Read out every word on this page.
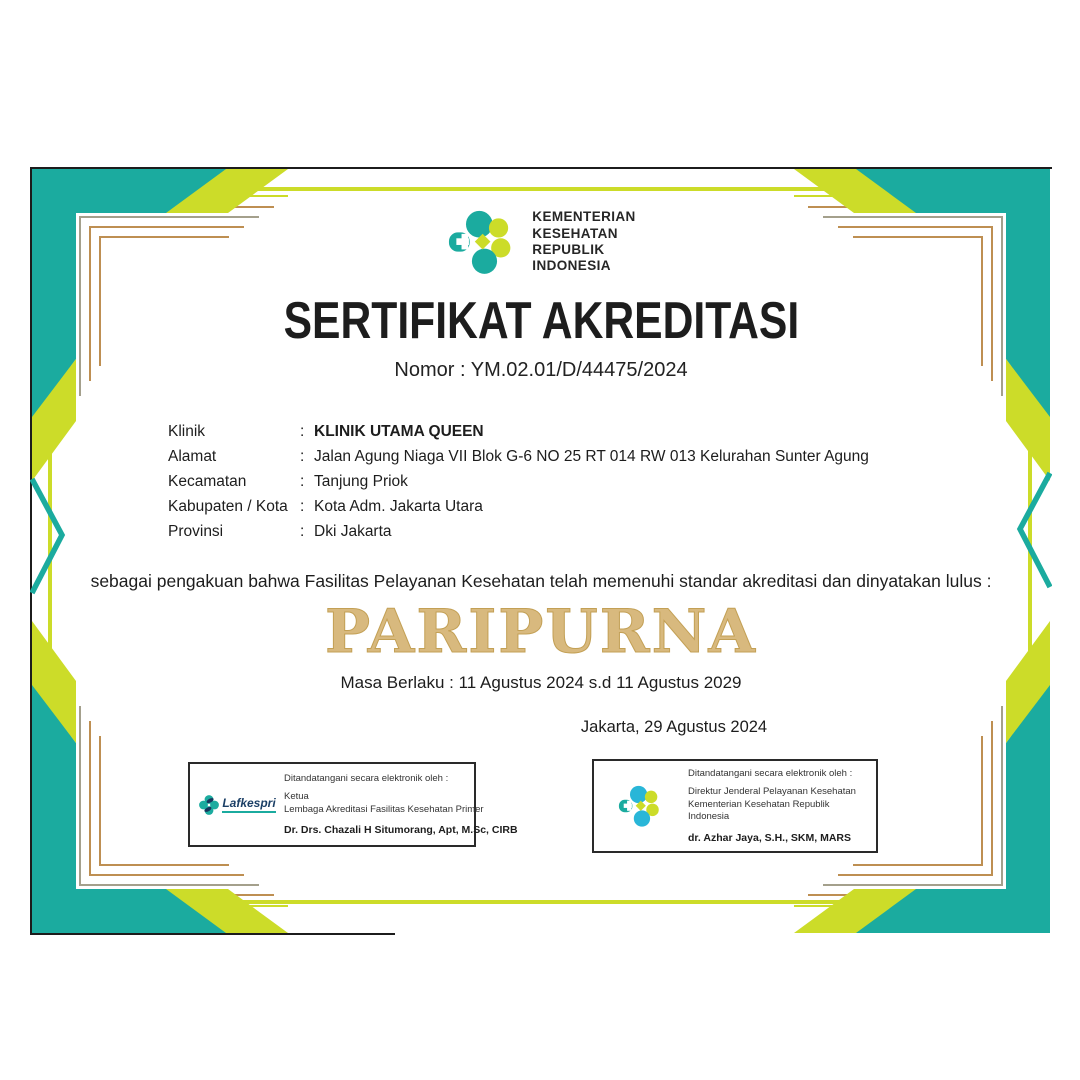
KEMENTERIAN
KESEHATAN
REPUBLIK
INDONESIA
SERTIFIKAT AKREDITASI
Nomor : YM.02.01/D/44475/2024
Klinik	: KLINIK UTAMA QUEEN
Alamat	: Jalan Agung Niaga VII Blok G-6 NO 25 RT 014 RW 013 Kelurahan Sunter Agung
Kecamatan	: Tanjung Priok
Kabupaten / Kota : Kota Adm. Jakarta Utara
Provinsi	: Dki Jakarta
sebagai pengakuan bahwa Fasilitas Pelayanan Kesehatan telah memenuhi standar akreditasi dan dinyatakan lulus :
PARIPURNA
Masa Berlaku : 11 Agustus 2024 s.d 11 Agustus 2029
Jakarta, 29 Agustus 2024
Lafkespri
Ditandatangani secara elektronik oleh :
Ketua
Lembaga Akreditasi Fasilitas Kesehatan Primer
Dr. Drs. Chazali H Situmorang, Apt, M.Sc, CIRB
Ditandatangani secara elektronik oleh :
Direktur Jenderal Pelayanan Kesehatan
Kementerian Kesehatan Republik Indonesia
dr. Azhar Jaya, S.H., SKM, MARS
